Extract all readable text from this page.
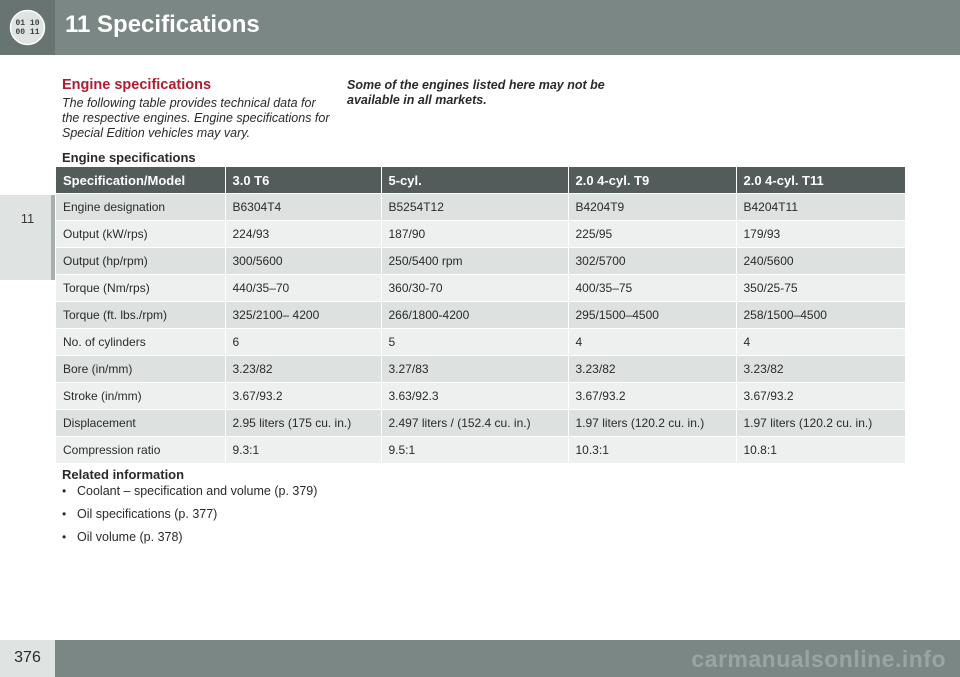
01 10
00 11 11 Specifications
11
Engine specifications

The following table provides technical data for the respective engines. Engine specifications for Special Edition vehicles may vary.

Some of the engines listed here may not be available in all markets.

Engine specifications
Specification/Model	3.0 T6	5-cyl.	2.0 4-cyl. T9	2.0 4-cyl. T11
Engine designation	B6304T4	B5254T12	B4204T9	B4204T11
Output (kW/rps)	224/93	187/90	225/95	179/93
Output (hp/rpm)	300/5600	250/5400 rpm	302/5700	240/5600
Torque (Nm/rps)	440/35–70	360/30-70	400/35–75	350/25-75
Torque (ft. lbs./rpm)	325/2100– 4200	266/1800-4200	295/1500–4500	258/1500–4500
No. of cylinders	6	5	4	4
Bore (in/mm)	3.23/82	3.27/83	3.23/82	3.23/82
Stroke (in/mm)	3.67/93.2	3.63/92.3	3.67/93.2	3.67/93.2
Displacement	2.95 liters (175 cu. in.)	2.497 liters / (152.4 cu. in.)	1.97 liters (120.2 cu. in.)	1.97 liters (120.2 cu. in.)
Compression ratio	9.3:1	9.5:1	10.3:1	10.8:1
Related information
• Coolant – specification and volume (p. 379)
• Oil specifications (p. 377)
• Oil volume (p. 378)
376	carmanualsonline.info
